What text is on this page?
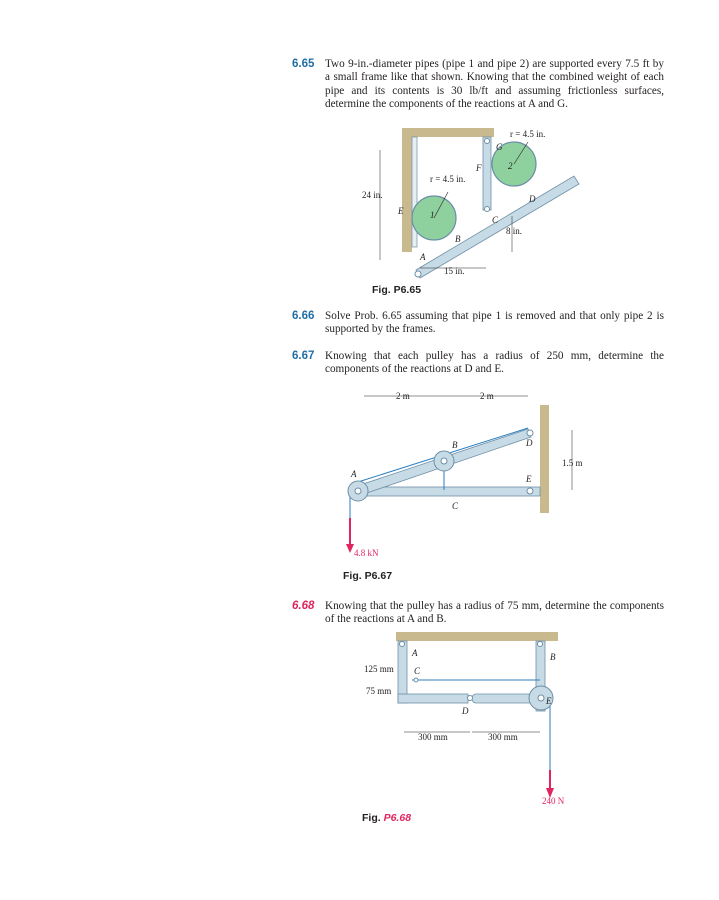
6.65 Two 9-in.-diameter pipes (pipe 1 and pipe 2) are supported every 7.5 ft by a small frame like that shown. Knowing that the combined weight of each pipe and its contents is 30 lb/ft and assuming frictionless surfaces, determine the components of the reactions at A and G.
r = 4.5 in.
r = 4.5 in.
24 in.
8 in.
15 in.
A
B
C
D
E
F
G
1
2
Fig. P6.65
6.66 Solve Prob. 6.65 assuming that pipe 1 is removed and that only pipe 2 is supported by the frames.
6.67 Knowing that each pulley has a radius of 250 mm, determine the components of the reactions at D and E.
2 m	2 m
1.5 m
4.8 kN
A
B
C
D
E
Fig. P6.67
6.68 Knowing that the pulley has a radius of 75 mm, determine the components of the reactions at A and B.
125 mm
75 mm
300 mm	300 mm
240 N
A	B
C
D
E
Fig. P6.68
